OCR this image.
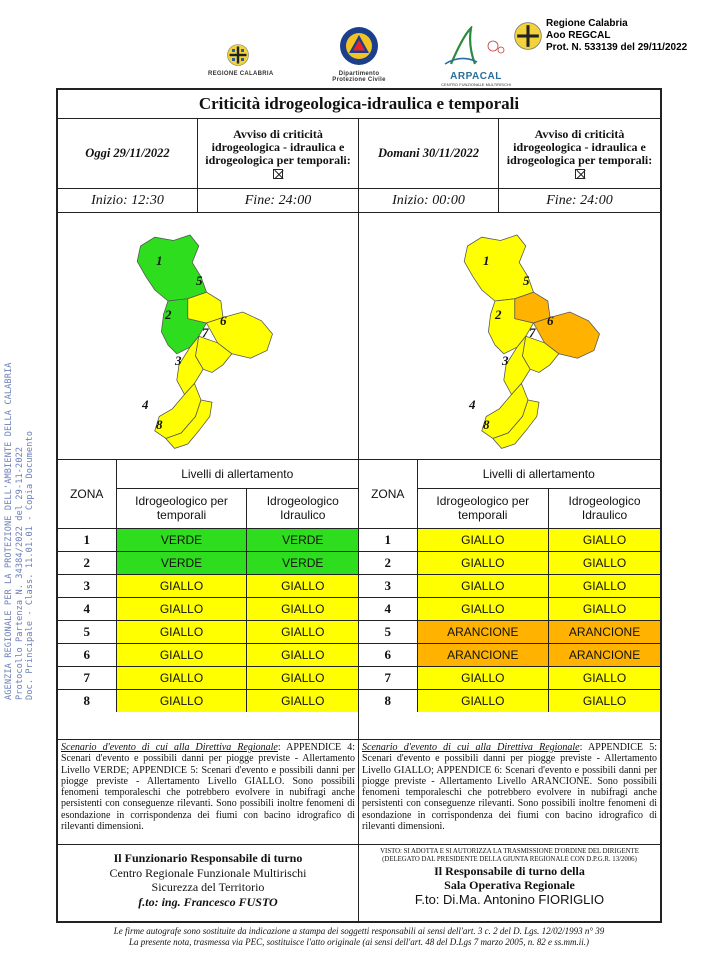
REGIONE CALABRIA	Dipartimento
Protezione Civile	ARPACAL
CENTRO FUNZIONALE MULTIRISCHI
Regione Calabria
Aoo REGCAL
Prot. N. 533139 del 29/11/2022
AGENZIA REGIONALE PER LA PROTEZIONE DELL'AMBIENTE DELLA CALABRIA Protocollo Partenza N. 34384/2022 del 29-11-2022 Doc. Principale - Class. 11.01.01 - Copia Documento
Criticità idrogeologica-idraulica e temporali
Oggi 29/11/2022
Avviso di criticità idrogeologica - idraulica e idrogeologica per temporali:	Domani 30/11/2022
Avviso di criticità idrogeologica - idraulica e idrogeologica per temporali:
Inizio: 12:30	Fine: 24:00	Inizio: 00:00	Fine: 24:00
1
2
3
4
5
6
7
8
1
2
3
4
5
6
7
8
ZONA	Livelli di allertamento	
	Idrogeologico per temporali	Idrogeologico Idraulico
1	VERDE	VERDE
2	VERDE	VERDE
3	GIALLO	GIALLO
4	GIALLO	GIALLO
5	GIALLO	GIALLO
6	GIALLO	GIALLO
7	GIALLO	GIALLO
8	GIALLO	GIALLO
ZONA	Livelli di allertamento	
	Idrogeologico per temporali	Idrogeologico Idraulico
1	GIALLO	GIALLO
2	GIALLO	GIALLO
3	GIALLO	GIALLO
4	GIALLO	GIALLO
5	ARANCIONE	ARANCIONE
6	ARANCIONE	ARANCIONE
7	GIALLO	GIALLO
8	GIALLO	GIALLO
Scenario d'evento di cui alla Direttiva Regionale: APPENDICE 4: Scenari d'evento e possibili danni per piogge previste - Allertamento Livello VERDE; APPENDICE 5: Scenari d'evento e possibili danni per piogge previste - Allertamento Livello GIALLO. Sono possibili fenomeni temporaleschi che potrebbero evolvere in nubifragi anche persistenti con conseguenze rilevanti. Sono possibili inoltre fenomeni di esondazione in corrispondenza dei fiumi con bacino idrografico di rilevanti dimensioni.
Scenario d'evento di cui alla Direttiva Regionale: APPENDICE 5: Scenari d'evento e possibili danni per piogge previste - Allertamento Livello GIALLO; APPENDICE 6: Scenari d'evento e possibili danni per piogge previste - Allertamento Livello ARANCIONE. Sono possibili fenomeni temporaleschi che potrebbero evolvere in nubifragi anche persistenti con conseguenze rilevanti. Sono possibili inoltre fenomeni di esondazione in corrispondenza dei fiumi con bacino idrografico di rilevanti dimensioni.
Il Funzionario Responsabile di turno
Centro Regionale Funzionale Multirischi
Sicurezza del Territorio
f.to: ing. Francesco FUSTO
VISTO: SI ADOTTA E SI AUTORIZZA LA TRASMISSIONE D'ORDINE DEL DIRIGENTE
(DELEGATO DAL PRESIDENTE DELLA GIUNTA REGIONALE CON D.P.G.R. 13/2006)
Il Responsabile di turno della
Sala Operativa Regionale
F.to: Di.Ma. Antonino FIORIGLIO
Le firme autografe sono sostituite da indicazione a stampa dei soggetti responsabili ai sensi dell'art. 3 c. 2 del D. Lgs. 12/02/1993 n° 39
La presente nota, trasmessa via PEC, sostituisce l'atto originale (ai sensi dell'art. 48 del D.Lgs 7 marzo 2005, n. 82 e ss.mm.ii.)
